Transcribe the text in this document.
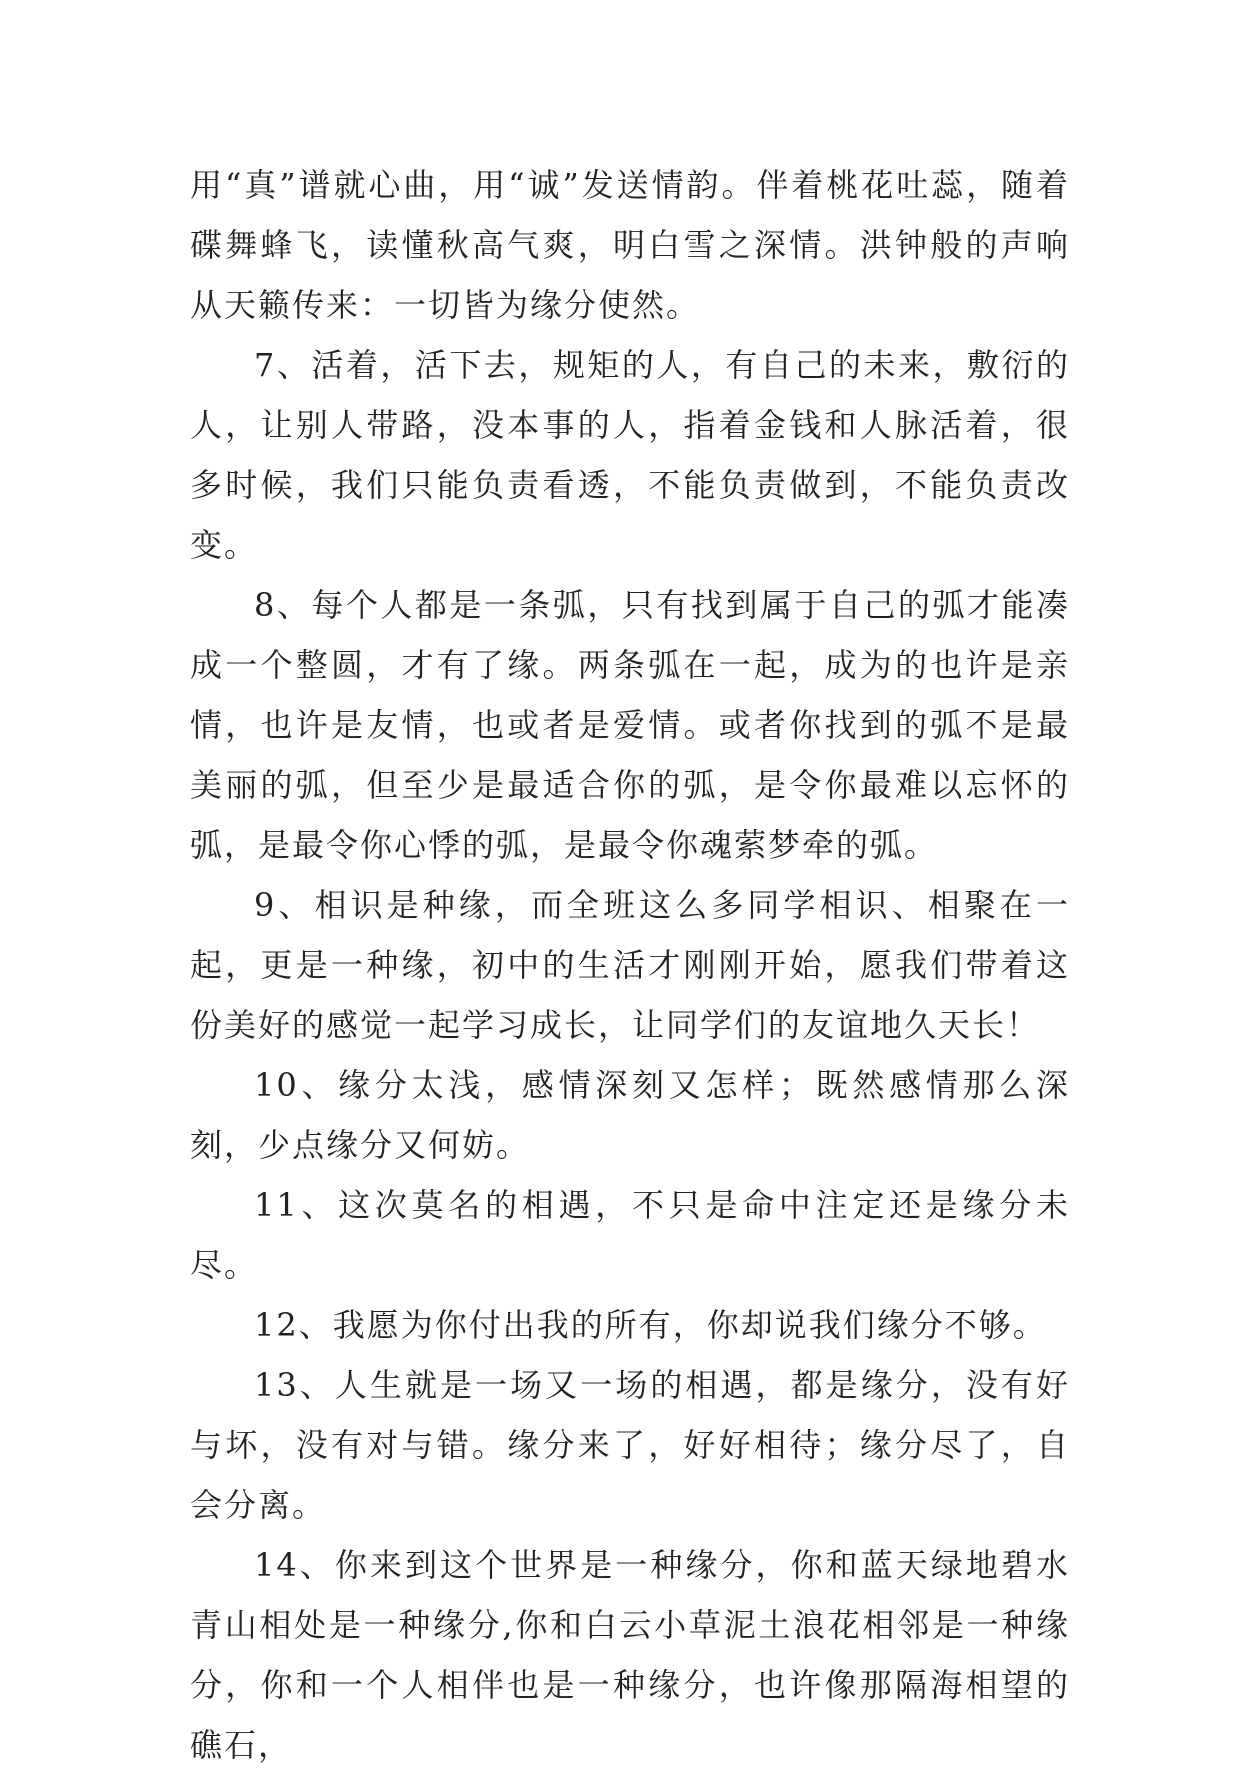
用“真”谱就心曲，用“诚”发送情韵。伴着桃花吐蕊，随着碟舞蜂飞，读懂秋高气爽，明白雪之深情。洪钟般的声响从天籁传来：一切皆为缘分使然。

7、活着，活下去，规矩的人，有自己的未来，敷衍的人，让别人带路，没本事的人，指着金钱和人脉活着，很多时候，我们只能负责看透，不能负责做到，不能负责改变。

8、每个人都是一条弧，只有找到属于自己的弧才能凑成一个整圆，才有了缘。两条弧在一起，成为的也许是亲情，也许是友情，也或者是爱情。或者你找到的弧不是最美丽的弧，但至少是最适合你的弧，是令你最难以忘怀的弧，是最令你心悸的弧，是最令你魂萦梦牵的弧。

9、相识是种缘，而全班这么多同学相识、相聚在一起，更是一种缘，初中的生活才刚刚开始，愿我们带着这份美好的感觉一起学习成长，让同学们的友谊地久天长！

10、缘分太浅，感情深刻又怎样；既然感情那么深刻，少点缘分又何妨。

11、这次莫名的相遇，不只是命中注定还是缘分未尽。

12、我愿为你付出我的所有，你却说我们缘分不够。

13、人生就是一场又一场的相遇，都是缘分，没有好与坏，没有对与错。缘分来了，好好相待；缘分尽了，自会分离。

14、你来到这个世界是一种缘分，你和蓝天绿地碧水青山相处是一种缘分,你和白云小草泥土浪花相邻是一种缘分，你和一个人相伴也是一种缘分，也许像那隔海相望的礁石，
